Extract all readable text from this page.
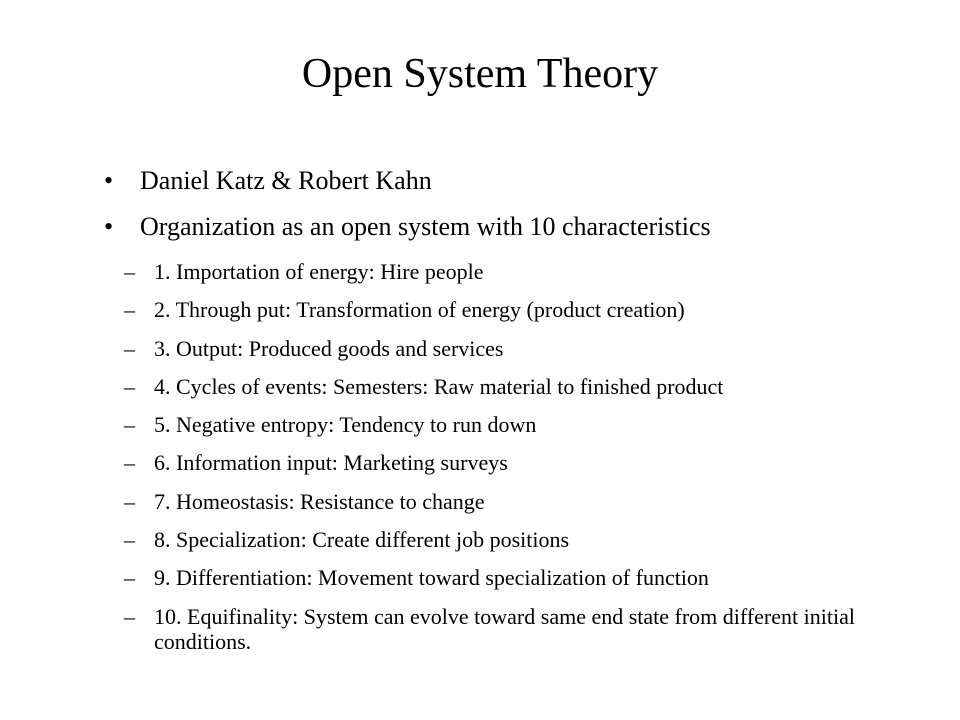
Open System Theory
• Daniel Katz & Robert Kahn
• Organization as an open system with 10 characteristics
– 1. Importation of energy: Hire people
– 2. Through put: Transformation of energy (product creation)
– 3. Output: Produced goods and services
– 4. Cycles of events: Semesters: Raw material to finished product
– 5. Negative entropy: Tendency to run down
– 6. Information input: Marketing surveys
– 7. Homeostasis: Resistance to change
– 8. Specialization: Create different job positions
– 9. Differentiation: Movement toward specialization of function
– 10. Equifinality: System can evolve toward same end state from different initial conditions.
